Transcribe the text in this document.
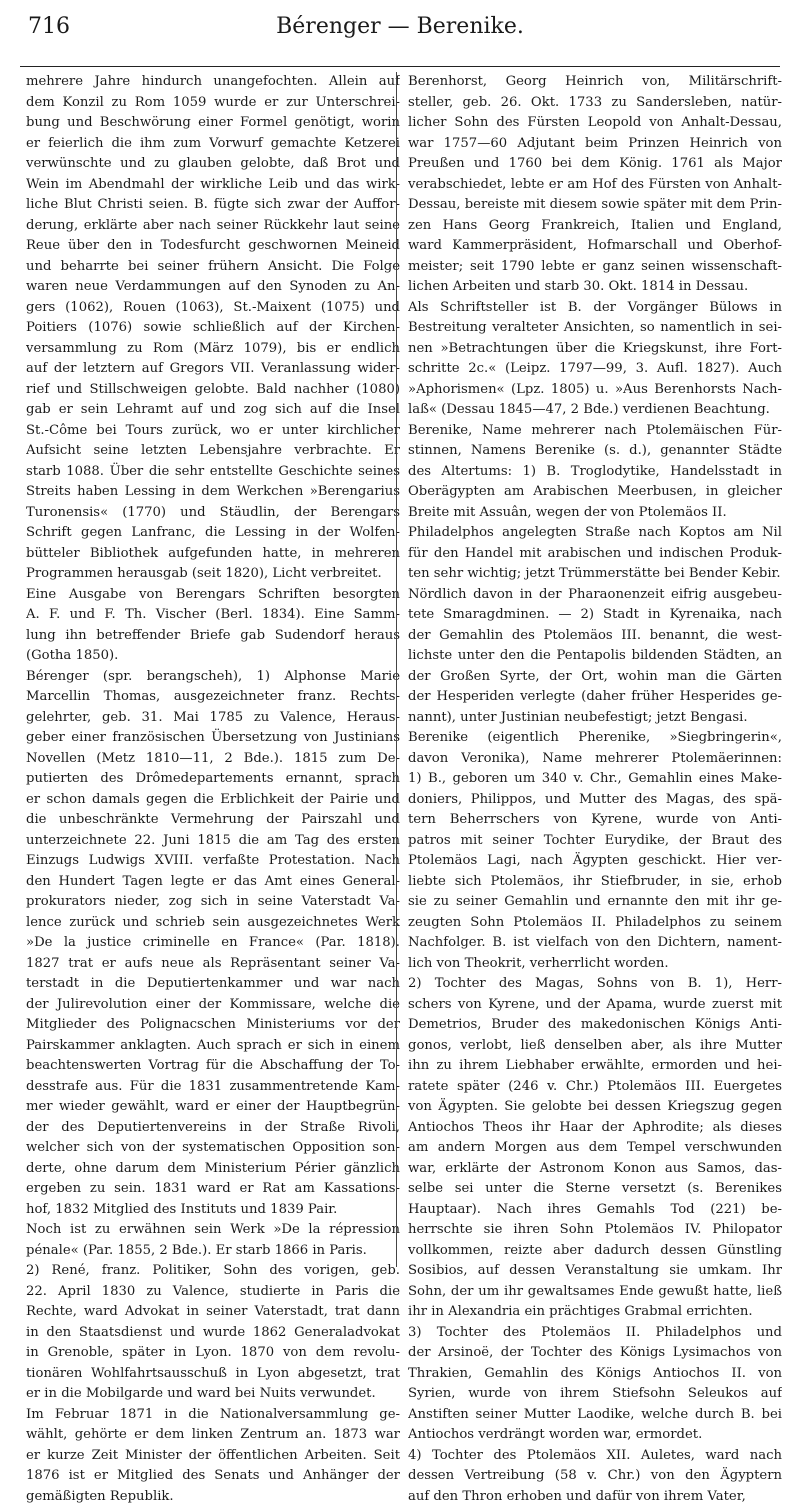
716	Bérenger — Berenike.
mehrere Jahre hindurch unangefochten. Allein auf
dem Konzil zu Rom 1059 wurde er zur Unterschrei-
bung und Beschwörung einer Formel genötigt, worin
er feierlich die ihm zum Vorwurf gemachte Ketzerei
verwünschte und zu glauben gelobte, daß Brot und
Wein im Abendmahl der wirkliche Leib und das wirk-
liche Blut Christi seien. B. fügte sich zwar der Auffor-
derung, erklärte aber nach seiner Rückkehr laut seine
Reue über den in Todesfurcht geschwornen Meineid
und beharrte bei seiner frühern Ansicht. Die Folge
waren neue Verdammungen auf den Synoden zu An-
gers (1062), Rouen (1063), St.-Maixent (1075) und
Poitiers (1076) sowie schließlich auf der Kirchen-
versammlung zu Rom (März 1079), bis er endlich
auf der letztern auf Gregors VII. Veranlassung wider-
rief und Stillschweigen gelobte. Bald nachher (1080)
gab er sein Lehramt auf und zog sich auf die Insel
St.-Côme bei Tours zurück, wo er unter kirchlicher
Aufsicht seine letzten Lebensjahre verbrachte. Er
starb 1088. Über die sehr entstellte Geschichte seines
Streits haben Lessing in dem Werkchen »Berengarius
Turonensis« (1770) und Stäudlin, der Berengars
Schrift gegen Lanfranc, die Lessing in der Wolfen-
bütteler Bibliothek aufgefunden hatte, in mehreren
Programmen herausgab (seit 1820), Licht verbreitet.
Eine Ausgabe von Berengars Schriften besorgten
A. F. und F. Th. Vischer (Berl. 1834). Eine Samm-
lung ihn betreffender Briefe gab Sudendorf heraus
(Gotha 1850).
Bérenger (spr. berangscheh), 1) Alphonse Marie
Marcellin Thomas, ausgezeichneter franz. Rechts-
gelehrter, geb. 31. Mai 1785 zu Valence, Heraus-
geber einer französischen Übersetzung von Justinians
Novellen (Metz 1810—11, 2 Bde.). 1815 zum De-
putierten des Drômedepartements ernannt, sprach
er schon damals gegen die Erblichkeit der Pairie und
die unbeschränkte Vermehrung der Pairszahl und
unterzeichnete 22. Juni 1815 die am Tag des ersten
Einzugs Ludwigs XVIII. verfaßte Protestation. Nach
den Hundert Tagen legte er das Amt eines General-
prokurators nieder, zog sich in seine Vaterstadt Va-
lence zurück und schrieb sein ausgezeichnetes Werk
»De la justice criminelle en France« (Par. 1818).
1827 trat er aufs neue als Repräsentant seiner Va-
terstadt in die Deputiertenkammer und war nach
der Julirevolution einer der Kommissare, welche die
Mitglieder des Polignacschen Ministeriums vor der
Pairskammer anklagten. Auch sprach er sich in einem
beachtenswerten Vortrag für die Abschaffung der To-
desstrafe aus. Für die 1831 zusammentretende Kam-
mer wieder gewählt, ward er einer der Hauptbegrün-
der des Deputiertenvereins in der Straße Rivoli,
welcher sich von der systematischen Opposition son-
derte, ohne darum dem Ministerium Périer gänzlich
ergeben zu sein. 1831 ward er Rat am Kassations-
hof, 1832 Mitglied des Instituts und 1839 Pair.
Noch ist zu erwähnen sein Werk »De la répression
pénale« (Par. 1855, 2 Bde.). Er starb 1866 in Paris.
2) René, franz. Politiker, Sohn des vorigen, geb.
22. April 1830 zu Valence, studierte in Paris die
Rechte, ward Advokat in seiner Vaterstadt, trat dann
in den Staatsdienst und wurde 1862 Generaladvokat
in Grenoble, später in Lyon. 1870 von dem revolu-
tionären Wohlfahrtsausschuß in Lyon abgesetzt, trat
er in die Mobilgarde und ward bei Nuits verwundet.
Im Februar 1871 in die Nationalversammlung ge-
wählt, gehörte er dem linken Zentrum an. 1873 war
er kurze Zeit Minister der öffentlichen Arbeiten. Seit
1876 ist er Mitglied des Senats und Anhänger der
gemäßigten Republik.
Berenhorst, Georg Heinrich von, Militärschrift-
steller, geb. 26. Okt. 1733 zu Sandersleben, natür-
licher Sohn des Fürsten Leopold von Anhalt-Dessau,
war 1757—60 Adjutant beim Prinzen Heinrich von
Preußen und 1760 bei dem König. 1761 als Major
verabschiedet, lebte er am Hof des Fürsten von Anhalt-
Dessau, bereiste mit diesem sowie später mit dem Prin-
zen Hans Georg Frankreich, Italien und England,
ward Kammerpräsident, Hofmarschall und Oberhof-
meister; seit 1790 lebte er ganz seinen wissenschaft-
lichen Arbeiten und starb 30. Okt. 1814 in Dessau.
Als Schriftsteller ist B. der Vorgänger Bülows in
Bestreitung veralteter Ansichten, so namentlich in sei-
nen »Betrachtungen über die Kriegskunst, ihre Fort-
schritte 2c.« (Leipz. 1797—99, 3. Aufl. 1827). Auch
»Aphorismen« (Lpz. 1805) u. »Aus Berenhorsts Nach-
laß« (Dessau 1845—47, 2 Bde.) verdienen Beachtung.
Berenike, Name mehrerer nach Ptolemäischen Für-
stinnen, Namens Berenike (s. d.), genannter Städte
des Altertums: 1) B. Troglodytike, Handelsstadt in
Oberägypten am Arabischen Meerbusen, in gleicher
Breite mit Assuân, wegen der von Ptolemäos II.
Philadelphos angelegten Straße nach Koptos am Nil
für den Handel mit arabischen und indischen Produk-
ten sehr wichtig; jetzt Trümmerstätte bei Bender Kebir.
Nördlich davon in der Pharaonenzeit eifrig ausgebeu-
tete Smaragdminen. — 2) Stadt in Kyrenaika, nach
der Gemahlin des Ptolemäos III. benannt, die west-
lichste unter den die Pentapolis bildenden Städten, an
der Großen Syrte, der Ort, wohin man die Gärten
der Hesperiden verlegte (daher früher Hesperides ge-
nannt), unter Justinian neubefestigt; jetzt Bengasi.
Berenike (eigentlich Pherenike, »Siegbringerin«,
davon Veronika), Name mehrerer Ptolemäerinnen:
1) B., geboren um 340 v. Chr., Gemahlin eines Make-
doniers, Philippos, und Mutter des Magas, des spä-
tern Beherrschers von Kyrene, wurde von Anti-
patros mit seiner Tochter Eurydike, der Braut des
Ptolemäos Lagi, nach Ägypten geschickt. Hier ver-
liebte sich Ptolemäos, ihr Stiefbruder, in sie, erhob
sie zu seiner Gemahlin und ernannte den mit ihr ge-
zeugten Sohn Ptolemäos II. Philadelphos zu seinem
Nachfolger. B. ist vielfach von den Dichtern, nament-
lich von Theokrit, verherrlicht worden.
2) Tochter des Magas, Sohns von B. 1), Herr-
schers von Kyrene, und der Apama, wurde zuerst mit
Demetrios, Bruder des makedonischen Königs Anti-
gonos, verlobt, ließ denselben aber, als ihre Mutter
ihn zu ihrem Liebhaber erwählte, ermorden und hei-
ratete später (246 v. Chr.) Ptolemäos III. Euergetes
von Ägypten. Sie gelobte bei dessen Kriegszug gegen
Antiochos Theos ihr Haar der Aphrodite; als dieses
am andern Morgen aus dem Tempel verschwunden
war, erklärte der Astronom Konon aus Samos, das-
selbe sei unter die Sterne versetzt (s. Berenikes
Hauptaar). Nach ihres Gemahls Tod (221) be-
herrschte sie ihren Sohn Ptolemäos IV. Philopator
vollkommen, reizte aber dadurch dessen Günstling
Sosibios, auf dessen Veranstaltung sie umkam. Ihr
Sohn, der um ihr gewaltsames Ende gewußt hatte, ließ
ihr in Alexandria ein prächtiges Grabmal errichten.
3) Tochter des Ptolemäos II. Philadelphos und
der Arsinoë, der Tochter des Königs Lysimachos von
Thrakien, Gemahlin des Königs Antiochos II. von
Syrien, wurde von ihrem Stiefsohn Seleukos auf
Anstiften seiner Mutter Laodike, welche durch B. bei
Antiochos verdrängt worden war, ermordet.
4) Tochter des Ptolemäos XII. Auletes, ward nach
dessen Vertreibung (58 v. Chr.) von den Ägyptern
auf den Thron erhoben und dafür von ihrem Vater,
